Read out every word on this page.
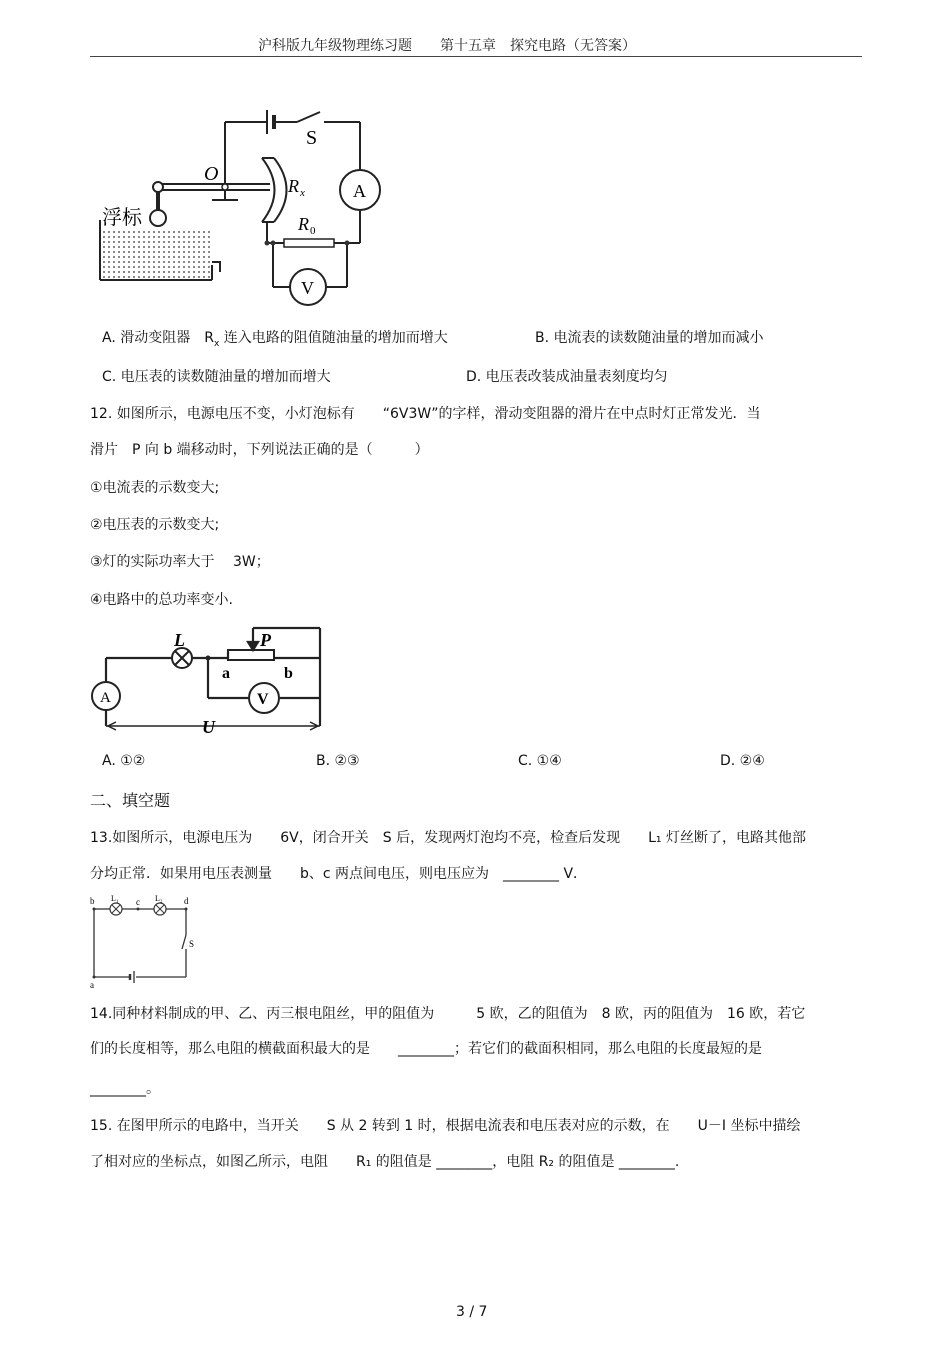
沪科版九年级物理练习题　　第十五章　探究电路（无答案）
浮标
O
R x
R 0
S
A
V
A. 滑动变阻器　$R_x$ 连入电路的阻值随油量的增加而增大	B. 电流表的读数随油量的增加而减小
C. 电压表的读数随油量的增加而增大	D. 电压表改装成油量表刻度均匀
12. 如图所示，电源电压不变，小灯泡标有　　“6V3W”的字样，滑动变阻器的滑片在中点时灯正常发光．当
滑片　P 向 b 端移动时，下列说法正确的是（　　　）
①电流表的示数变大;
②电压表的示数变大;
③灯的实际功率大于　 3W；
④电路中的总功率变小.
L	P
a	b
A	V
U
A. ①②	B. ②③	C. ①④	D. ②④
二、填空题
13.如图所示，电源电压为　　6V，闭合开关　S 后，发现两灯泡均不亮，检查后发现　　L₁ 灯丝断了，电路其他部
分均正常．如果用电压表测量　　b、c 两点间电压，则电压应为　________ V．
b L₁ c L₂ d
S
a
14.同种材料制成的甲、乙、丙三根电阻丝，甲的阻值为　　　5 欧，乙的阻值为　8 欧，丙的阻值为　16 欧，若它
们的长度相等，那么电阻的横截面积最大的是　　________；若它们的截面积相同，那么电阻的长度最短的是
________。
15. 在图甲所示的电路中，当开关　　S 从 2 转到 1 时，根据电流表和电压表对应的示数，在　　U－I 坐标中描绘
了相对应的坐标点，如图乙所示，电阻　　R₁ 的阻值是 ________，电阻 R₂ 的阻值是 ________.
3 / 7
